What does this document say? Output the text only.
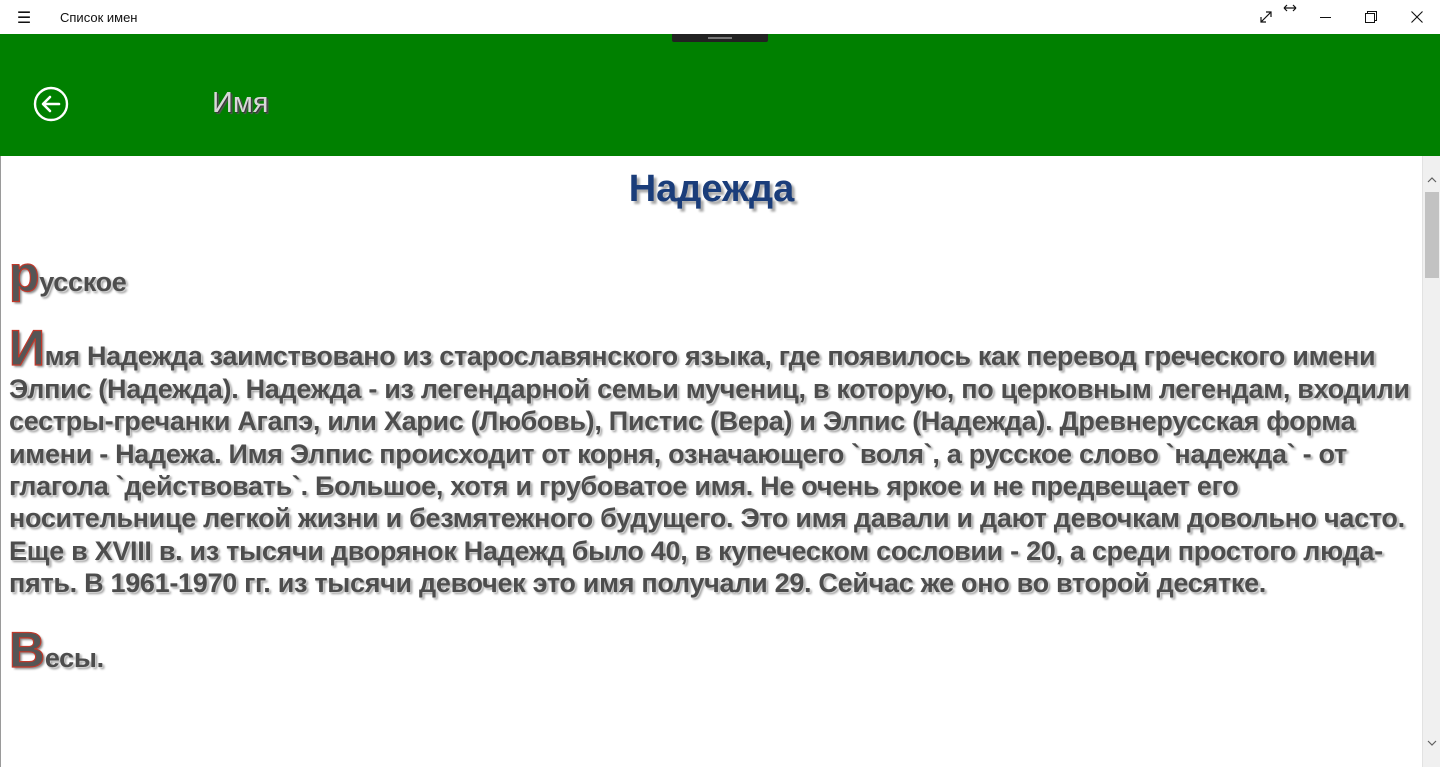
☰	Список имен
Имя
Надежда

русское

Имя Надежда заимствовано из старославянского языка, где появилось как перевод греческого имени Элпис (Надежда). Надежда - из легендарной семьи мучениц, в которую, по церковным легендам, входили сестры-гречанки Агапэ, или Харис (Любовь), Пистис (Вера) и Элпис (Надежда). Древнерусская форма имени - Надежа. Имя Элпис происходит от корня, означающего `воля`, а русское слово `надежда` - от глагола `действовать`. Большое, хотя и грубоватое имя. Не очень яркое и не предвещает его носительнице легкой жизни и безмятежного будущего. Это имя давали и дают девочкам довольно часто. Еще в XVIII в. из тысячи дворянок Надежд было 40, в купеческом сословии - 20, а среди простого люда- пять. В 1961-1970 гг. из тысячи девочек это имя получали 29. Сейчас же оно во второй десятке.

Весы.
